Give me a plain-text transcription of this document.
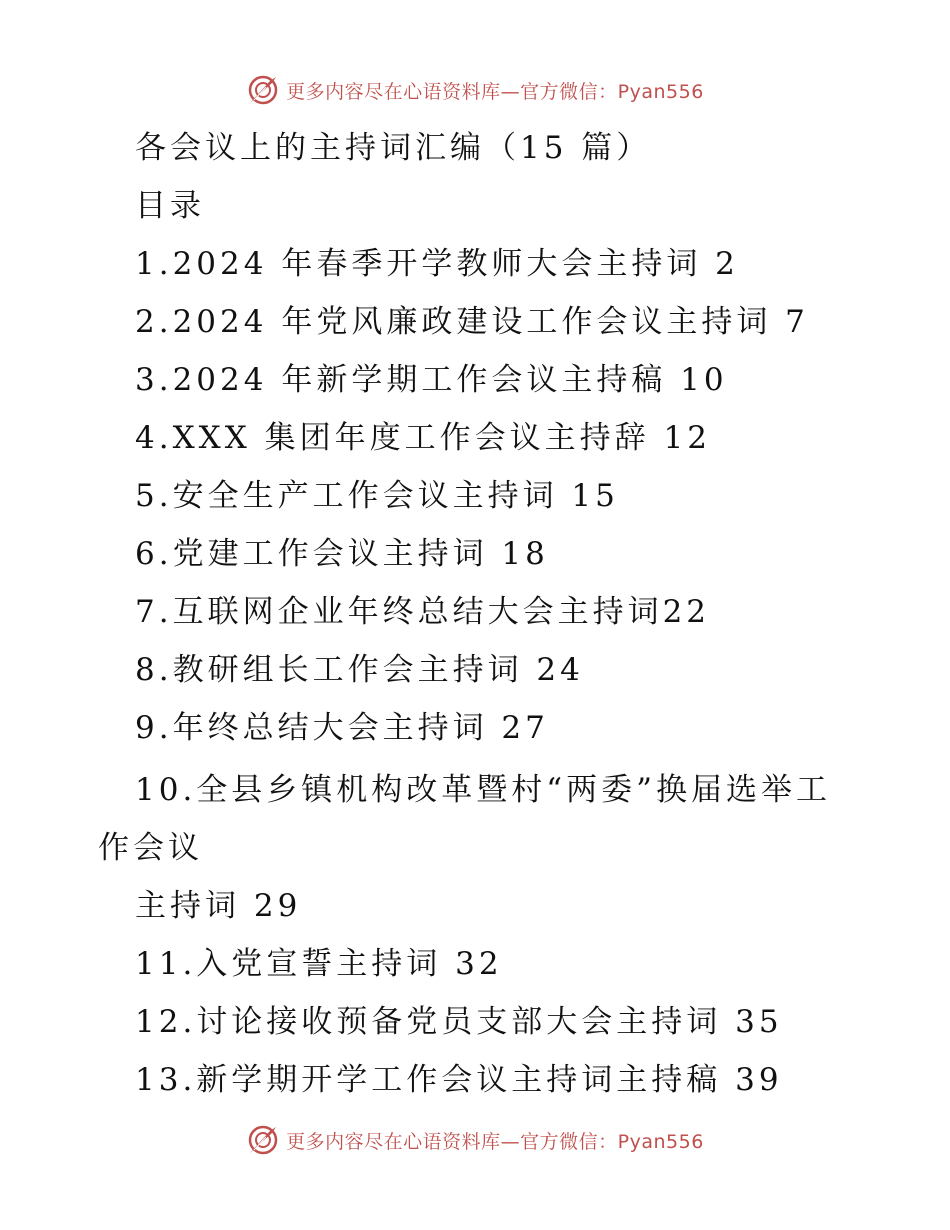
更多内容尽在心语资料库—官方微信：Pyan556
各会议上的主持词汇编（15 篇）
目录
1.2024 年春季开学教师大会主持词 2
2.2024 年党风廉政建设工作会议主持词 7
3.2024 年新学期工作会议主持稿 10
4.XXX 集团年度工作会议主持辞 12
5.安全生产工作会议主持词 15
6.党建工作会议主持词 18
7.互联网企业年终总结大会主持词22
8.教研组长工作会主持词 24
9.年终总结大会主持词 27
10.全县乡镇机构改革暨村“两委”换届选举工
作会议
主持词 29
11.入党宣誓主持词 32
12.讨论接收预备党员支部大会主持词 35
13.新学期开学工作会议主持词主持稿 39
更多内容尽在心语资料库—官方微信：Pyan556
